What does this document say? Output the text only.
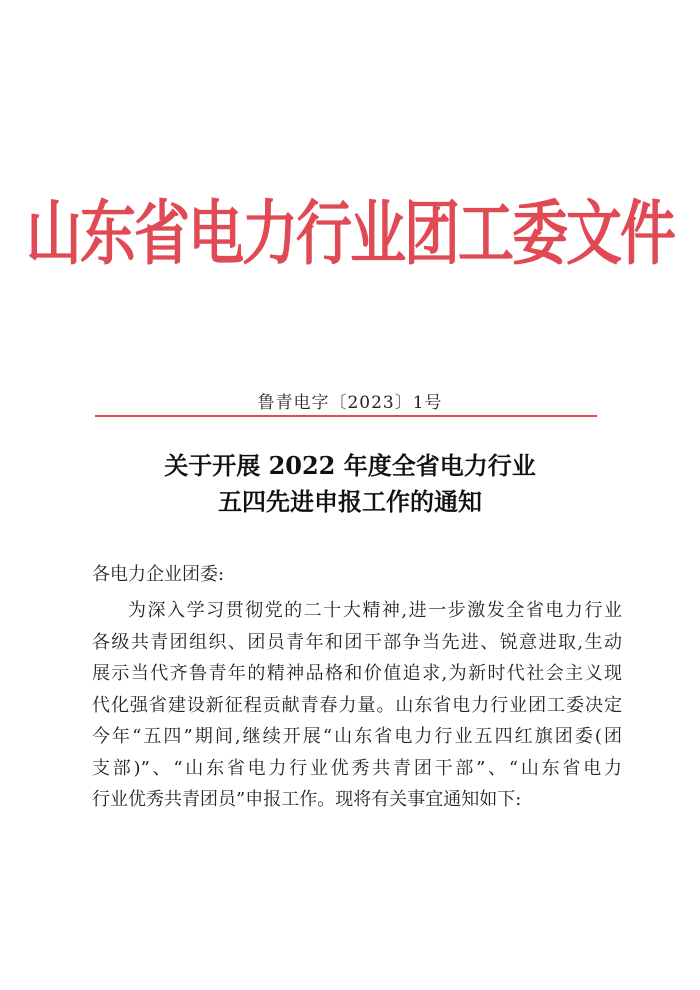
山东省电力行业团工委文件
鲁青电字〔2023〕1号
关于开展 2022 年度全省电力行业
五四先进申报工作的通知
各电力企业团委:
为深入学习贯彻党的二十大精神,进一步激发全省电力行业
各级共青团组织、团员青年和团干部争当先进、锐意进取,生动
展示当代齐鲁青年的精神品格和价值追求,为新时代社会主义现
代化强省建设新征程贡献青春力量。山东省电力行业团工委决定
今年“五四”期间,继续开展“山东省电力行业五四红旗团委(团
支部)”、“山东省电力行业优秀共青团干部”、“山东省电力
行业优秀共青团员”申报工作。现将有关事宜通知如下:
